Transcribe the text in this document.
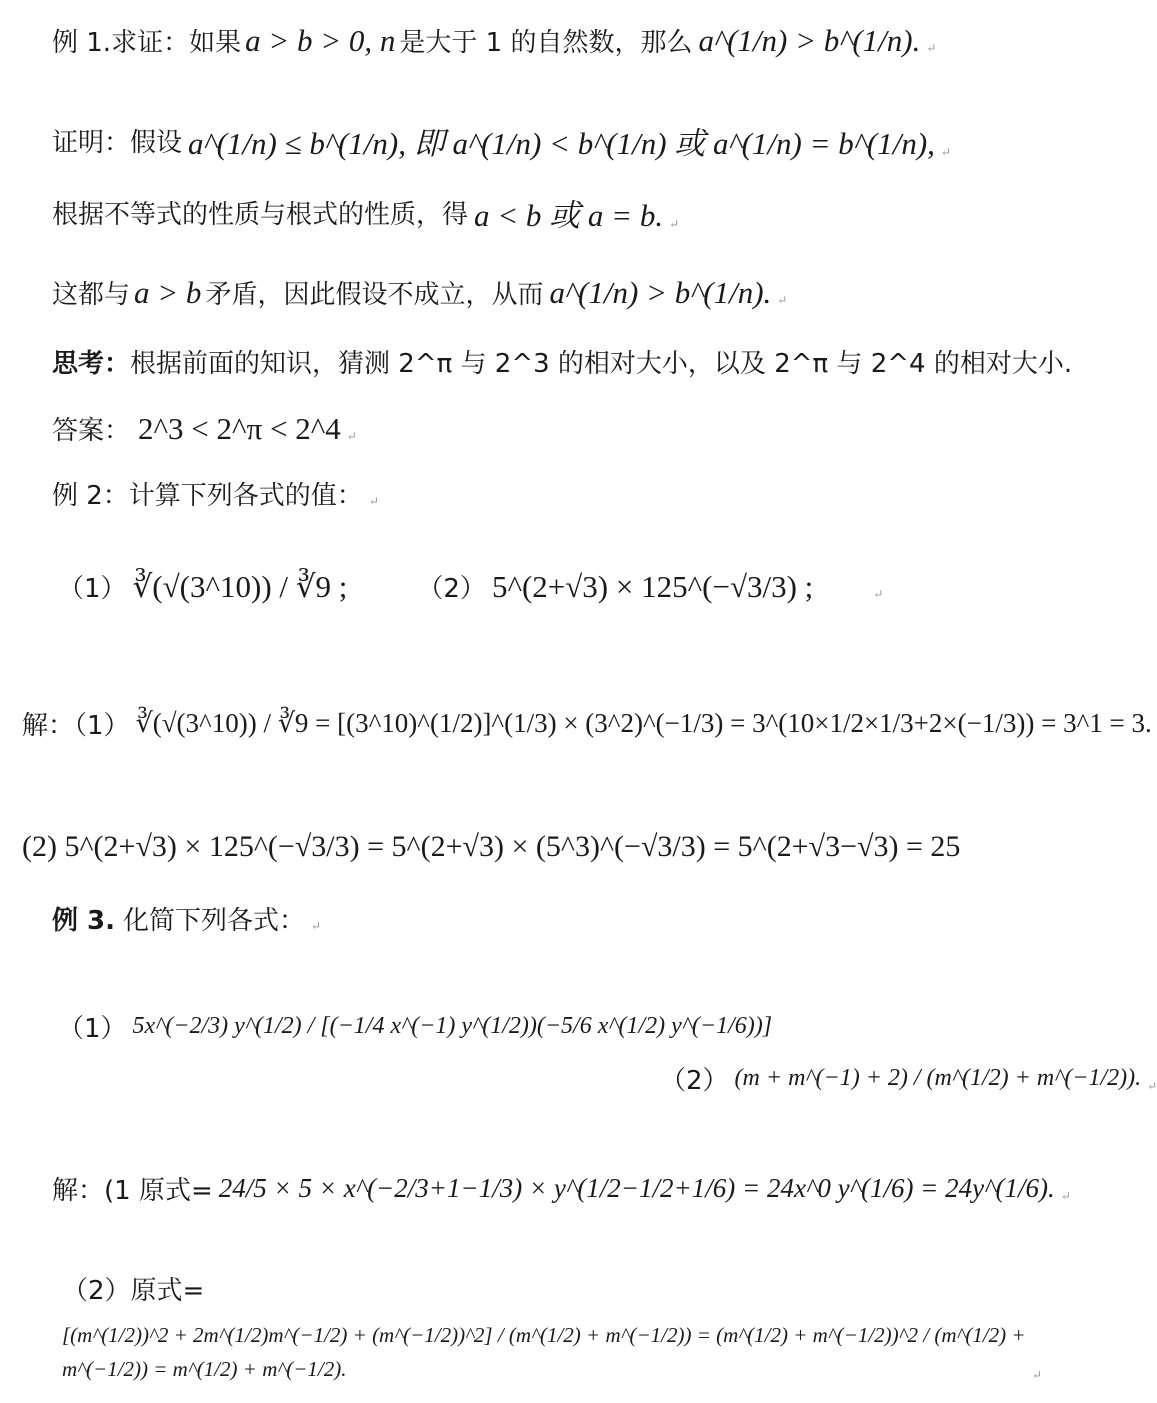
例 1.求证：如果 a > b > 0, n 是大于 1 的自然数，那么 a^(1/n) > b^(1/n). ↵
证明：假设 a^(1/n) ≤ b^(1/n), 即 a^(1/n) < b^(1/n) 或 a^(1/n) = b^(1/n), ↵
根据不等式的性质与根式的性质，得 a < b 或 a = b. ↵
这都与 a > b 矛盾，因此假设不成立，从而 a^(1/n) > b^(1/n). ↵
思考： 根据前面的知识，猜测 2^π 与 2^3 的相对大小，以及 2^π 与 2^4 的相对大小.
答案： 2^3 < 2^π < 2^4 ↵
例 2：计算下列各式的值： ↵
（1） ∛(√(3^10)) / ∛9 ;	（2） 5^(2+√3) × 125^(−√3/3) ;	↵
解：（1） ∛(√(3^10)) / ∛9 = [(3^10)^(1/2)]^(1/3) × (3^2)^(−1/3) = 3^(10×1/2×1/3+2×(−1/3)) = 3^1 = 3.
(2) 5^(2+√3) × 125^(−√3/3) = 5^(2+√3) × (5^3)^(−√3/3) = 5^(2+√3−√3) = 25
例 3. 化简下列各式： ↵
（1） 5x^(−2/3) y^(1/2) / [(−1/4 x^(−1) y^(1/2))(−5/6 x^(1/2) y^(−1/6))]
（2） (m + m^(−1) + 2) / (m^(1/2) + m^(−1/2)). ↵
解：(1 原式= 24/5 × 5 × x^(−2/3+1−1/3) × y^(1/2−1/2+1/6) = 24x^0 y^(1/6) = 24y^(1/6). ↵
（2）原式=
[(m^(1/2))^2 + 2m^(1/2)m^(−1/2) + (m^(−1/2))^2] / (m^(1/2) + m^(−1/2)) = (m^(1/2) + m^(−1/2))^2 / (m^(1/2) + m^(−1/2)) = m^(1/2) + m^(−1/2).	↵
